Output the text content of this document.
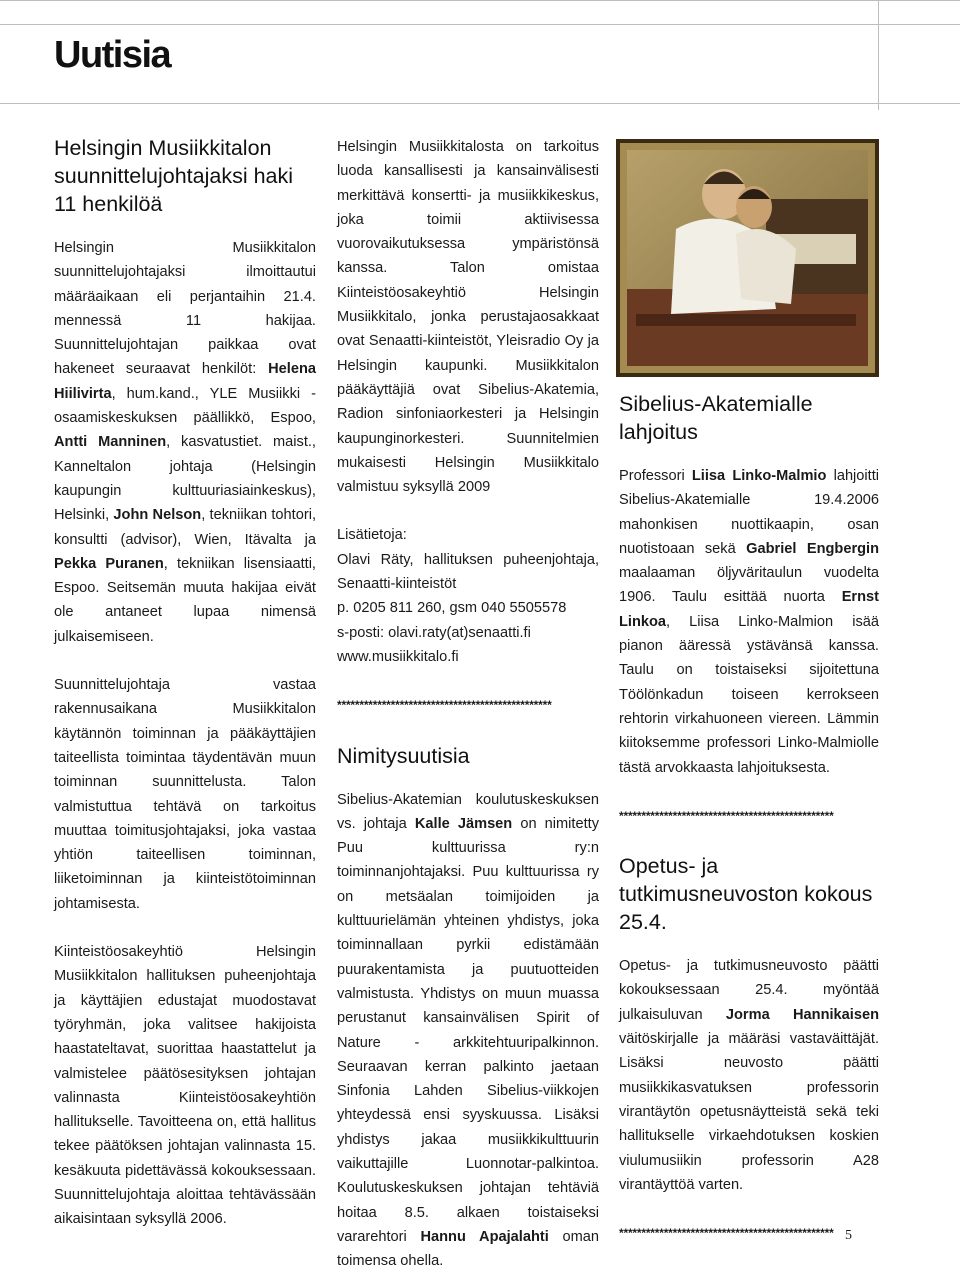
Uutisia
Helsingin Musiikkitalon suunnittelujohtajaksi haki 11 henkilöä

Helsingin Musiikkitalon suunnittelujohtajaksi ilmoittautui määräaikaan eli perjantaihin 21.4. mennessä 11 hakijaa. Suunnittelujohtajan paikkaa ovat hakeneet seuraavat henkilöt: Helena Hiilivirta, hum.kand., YLE Musiikki -osaamiskeskuksen päällikkö, Espoo, Antti Manninen, kasvatustiet. maist., Kanneltalon johtaja (Helsingin kaupungin kulttuuriasiainkeskus), Helsinki, John Nelson, tekniikan tohtori, konsultti (advisor), Wien, Itävalta ja Pekka Puranen, tekniikan lisensiaatti, Espoo. Seitsemän muuta hakijaa eivät ole antaneet lupaa nimensä julkaisemiseen.

Suunnittelujohtaja vastaa rakennusaikana Musiikkitalon käytännön toiminnan ja pääkäyttäjien taiteellista toimintaa täydentävän muun toiminnan suunnittelusta. Talon valmistuttua tehtävä on tarkoitus muuttaa toimitusjohtajaksi, joka vastaa yhtiön taiteellisen toiminnan, liiketoiminnan ja kiinteistötoiminnan johtamisesta.

Kiinteistöosakeyhtiö Helsingin Musiikkitalon hallituksen puheenjohtaja ja käyttäjien edustajat muodostavat työryhmän, joka valitsee hakijoista haastateltavat, suorittaa haastattelut ja valmistelee päätösesityksen johtajan valinnasta Kiinteistöosakeyhtiön hallitukselle. Tavoitteena on, että hallitus tekee päätöksen johtajan valinnasta 15. kesäkuuta pidettävässä kokouksessaan. Suunnittelujohtaja aloittaa tehtävässään aikaisintaan syksyllä 2006.

Helsingin Musiikkitalosta on tarkoitus luoda kansallisesti ja kansainvälisesti merkittävä konsertti- ja musiikkikeskus, joka toimii aktiivisessa vuorovaikutuksessa ympäristönsä kanssa. Talon omistaa Kiinteistöosakeyhtiö Helsingin Musiikkitalo, jonka perustajaosakkaat ovat Senaatti-kiinteistöt, Yleisradio Oy ja Helsingin kaupunki. Musiikkitalon pääkäyttäjiä ovat Sibelius-Akatemia, Radion sinfoniaorkesteri ja Helsingin kaupunginorkesteri. Suunnitelmien mukaisesti Helsingin Musiikkitalo valmistuu syksyllä 2009

Lisätietoja:

Olavi Räty, hallituksen puheenjohtaja, Senaatti-kiinteistöt

p. 0205 811 260, gsm 040 5505578

s-posti: olavi.raty(at)senaatti.fi

www.musiikkitalo.fi

************************************************
Nimitysuutisia

Sibelius-Akatemian koulutuskeskuksen vs. johtaja Kalle Jämsen on nimitetty Puu kulttuurissa ry:n toiminnanjohtajaksi. Puu kulttuurissa ry on metsäalan toimijoiden ja kulttuurielämän yhteinen yhdistys, joka toiminnallaan pyrkii edistämään puurakentamista ja puutuotteiden valmistusta. Yhdistys on muun muassa perustanut kansainvälisen Spirit of Nature - arkkitehtuuripalkinnon. Seuraavan kerran palkinto jaetaan Sinfonia Lahden Sibelius-viikkojen yhteydessä ensi syyskuussa. Lisäksi yhdistys jakaa musiikkikulttuurin vaikuttajille Luonnotar-palkintoa. Koulutuskeskuksen johtajan tehtäviä hoitaa 8.5. alkaen toistaiseksi vararehtori Hannu Apajalahti oman toimensa ohella.

Sibelius-Akatemialle lahjoitus

Professori Liisa Linko-Malmio lahjoitti Sibelius-Akatemialle 19.4.2006 mahonkisen nuottikaapin, osan nuotistoaan sekä Gabriel Engbergin maalaaman öljyväritaulun vuodelta 1906. Taulu esittää nuorta Ernst Linkoa, Liisa Linko-Malmion isää pianon ääressä ystävänsä kanssa. Taulu on toistaiseksi sijoitettuna Töölönkadun toiseen kerrokseen rehtorin virkahuoneen viereen. Lämmin kiitoksemme professori Linko-Malmiolle tästä arvokkaasta lahjoituksesta.

************************************************
Opetus- ja tutkimusneuvoston kokous 25.4.

Opetus- ja tutkimusneuvosto päätti kokouksessaan 25.4. myöntää julkaisuluvan Jorma Hannikaisen väitöskirjalle ja määräsi vastaväittäjät. Lisäksi neuvosto päätti musiikkikasvatuksen professorin virantäytön opetusnäytteistä sekä teki hallitukselle virkaehdotuksen koskien viulumusiikin professorin A28 virantäyttöä varten.

************************************************ 5
